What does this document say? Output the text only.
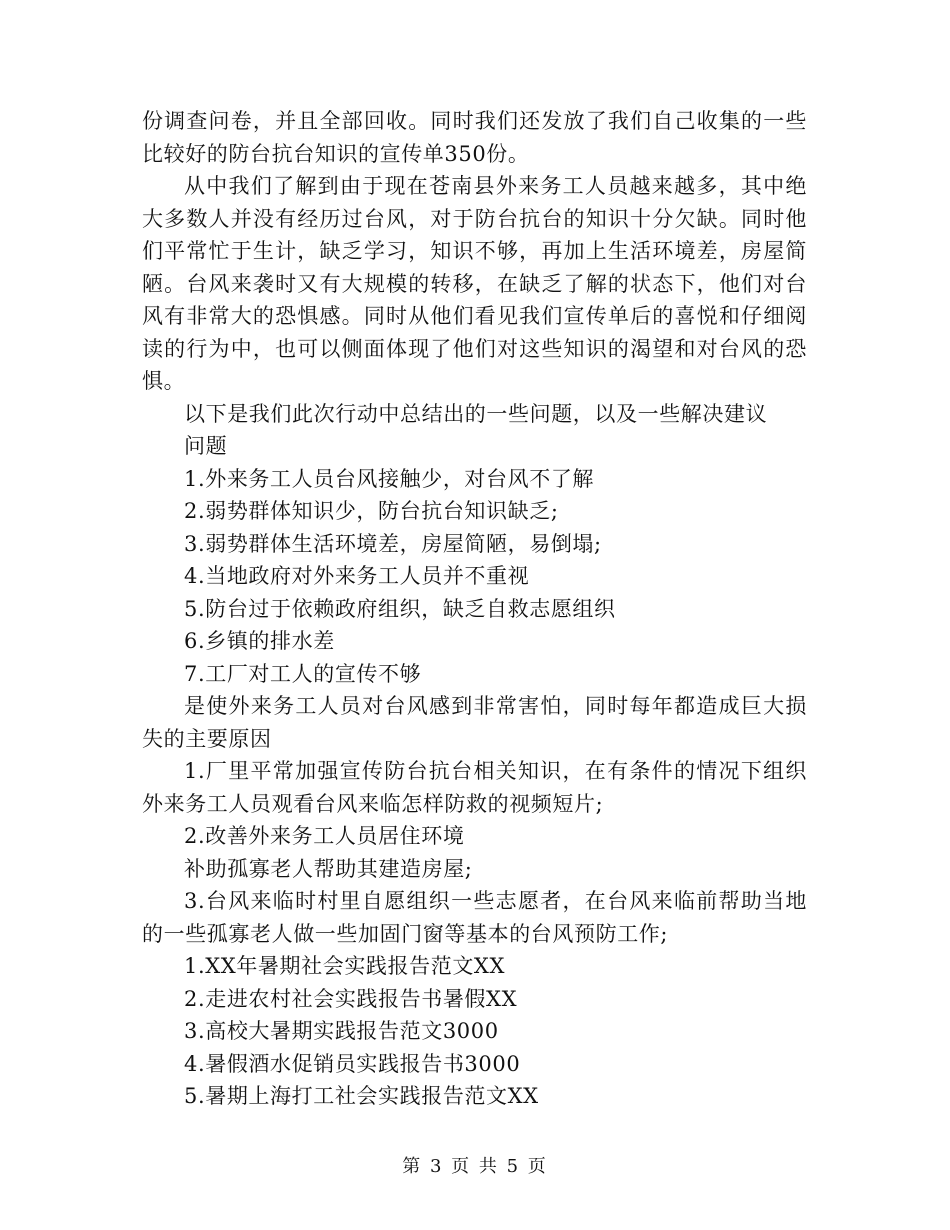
份调查问卷，并且全部回收。同时我们还发放了我们自己收集的一些比较好的防台抗台知识的宣传单350份。

从中我们了解到由于现在苍南县外来务工人员越来越多，其中绝大多数人并没有经历过台风，对于防台抗台的知识十分欠缺。同时他们平常忙于生计，缺乏学习，知识不够，再加上生活环境差，房屋简陋。台风来袭时又有大规模的转移，在缺乏了解的状态下，他们对台风有非常大的恐惧感。同时从他们看见我们宣传单后的喜悦和仔细阅读的行为中，也可以侧面体现了他们对这些知识的渴望和对台风的恐惧。

以下是我们此次行动中总结出的一些问题，以及一些解决建议

问题

1.外来务工人员台风接触少，对台风不了解

2.弱势群体知识少，防台抗台知识缺乏;

3.弱势群体生活环境差，房屋简陋，易倒塌;

4.当地政府对外来务工人员并不重视

5.防台过于依赖政府组织，缺乏自救志愿组织

6.乡镇的排水差

7.工厂对工人的宣传不够

是使外来务工人员对台风感到非常害怕，同时每年都造成巨大损失的主要原因

1.厂里平常加强宣传防台抗台相关知识，在有条件的情况下组织外来务工人员观看台风来临怎样防救的视频短片;

2.改善外来务工人员居住环境

补助孤寡老人帮助其建造房屋;

3.台风来临时村里自愿组织一些志愿者，在台风来临前帮助当地的一些孤寡老人做一些加固门窗等基本的台风预防工作;

1.XX年暑期社会实践报告范文XX

2.走进农村社会实践报告书暑假XX

3.高校大暑期实践报告范文3000

4.暑假酒水促销员实践报告书3000

5.暑期上海打工社会实践报告范文XX

第 3 页 共 5 页
